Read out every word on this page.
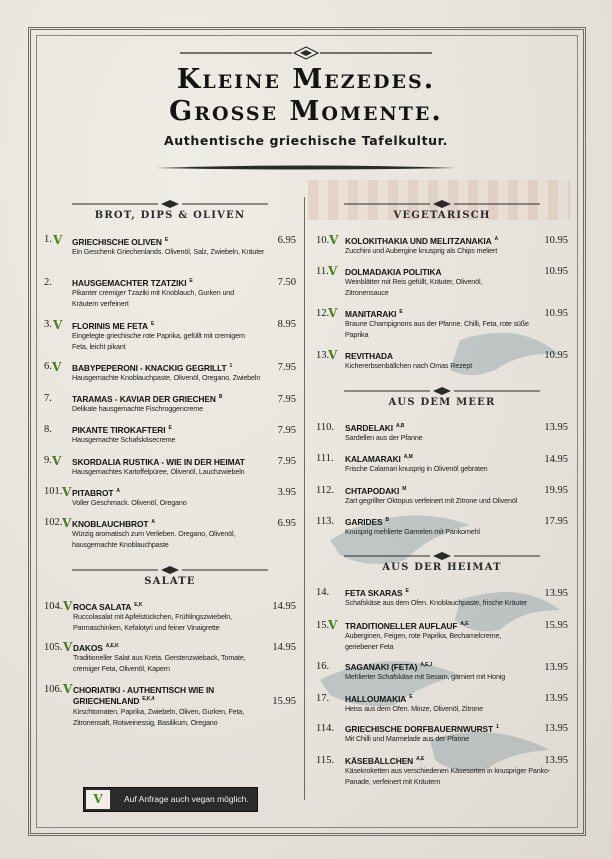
Kleine Mezedes.
Grosse Momente.
Authentische griechische Tafelkultur.
BROT, DIPS & OLIVEN
SALATE
VEGETARISCH
AUS DEM MEER
AUS DER HEIMAT
1. V GRIECHISCHE OLIVEN $^E$
Ein Geschenk Griechenlands. Olivenöl, Salz, Zwiebeln, Kräuter
6.95
2. HAUSGEMACHTER TZATZIKI $^E$
Pikanter cremiger Tzaziki mit Knoblauch, Gurken und Kräutern verfeinert
7.50
3. V FLORINIS ME FETA $^E$
Eingelegte griechische rote Paprika, gefüllt mit cremigem Feta, leicht pikant
8.95
6. V BABYPEPERONI - KNACKIG GEGRILLT $^1$
Hausgemachte Knoblauchpaste, Olivenöl, Oregano, Zwiebeln
7.95
7. TARAMAS - KAVIAR DER GRIECHEN $^B$
Delikate hausgemachte Fischroggencreme
7.95
8. PIKANTE TIROKAFTERI $^E$
Hausgemachte Schafskäsecreme
7.95
9. V SKORDALIA RUSTIKA - WIE IN DER HEIMAT
Hausgemachtes Kartoffelpüree, Olivenöl, Lauchzwiebeln
7.95
101. V PITABROT $^A$
Voller Geschmack. Olivenöl, Oregano
3.95
102. V KNOBLAUCHBROT $^A$
Würzig aromatisch zum Verlieben. Oregano, Olivenöl, hausgemachte Knoblauchpaste
6.95
104. V ROCA SALATA $^{E,K}$
Ruccolasalat mit Apfelstückchen, Frühlingszwiebeln, Parmaschinken, Kefalotyri und feiner Vinaigrette
14.95
105. V DAKOS $^{A,E,K}$
Traditioneller Salat aus Kreta. Gerstenzwieback, Tomate, cremiger Feta, Olivenöl, Kapern
14.95
106. V CHORIATIKI - AUTHENTISCH WIE IN
GRIECHENLAND $^{E,K,4}$
Kirschtomaten, Paprika, Zwiebeln, Oliven, Gurken, Feta, Zitronensaft, Rotweinessig, Basilikum, Oregano
15.95
10. V KOLOKITHAKIA UND MELITZANAKIA $^A$
Zucchini und Aubergine knusprig als Chips meliert
10.95
11. V DOLMADAKIA POLITIKA
Weinblätter mit Reis gefüllt, Kräuter, Olivenöl, Zitronensauce
10.95
12.
V MANITARAKI $^E$
Braune Champignons aus der Pfanne. Chilli, Feta, rote süße Paprika
10.95
13.
V REVITHADA
Kichererbsenbällchen nach Omas Rezept
10.95
110. SARDELAKI $^{A,B}$
Sardellen aus der Pfanne
13.95
111. KALAMARAKI $^{A,M}$
Frische Calamari knusprig in Olivenöl gebraten
14.95
112. CHTAPODAKI $^M$
Zart gegrillter Oktopus verfeinert mit Zitrone und Olivenöl
19.95
113. GARIDES $^B$
Knusprig mehlierte Garnelen mit Pankomehl
17.95
14. FETA SKARAS $^E$
Schafskäse aus dem Ofen. Knoblauchpaste, frische Kräuter
13.95
15.
V TRADITIONELLER AUFLAUF $^{A,E}$
Auberginen, Feigen, rote Paprika, Bechamelcreme, geriebener Feta
15.95
16. SAGANAKI (FETA) $^{A,E,J}$
Mehlierter Schafskäse mit Sesam, garniert mit Honig
13.95
17. HALLOUMAKIA $^E$
Heiss aus dem Ofen. Minze, Olivenöl, Zitrone
13.95
114. GRIECHISCHE DORFBAUERNWURST $^1$
Mit Chilli und Marmelade aus der Pfanne
13.95
115. KÄSEBÄLLCHEN $^{A,E}$
Käsekroketten aus verschiedenen Käsesorten in knuspriger Panko-Panade, verfeinert mit Kräutern
13.95
V	Auf Anfrage auch vegan möglich.
